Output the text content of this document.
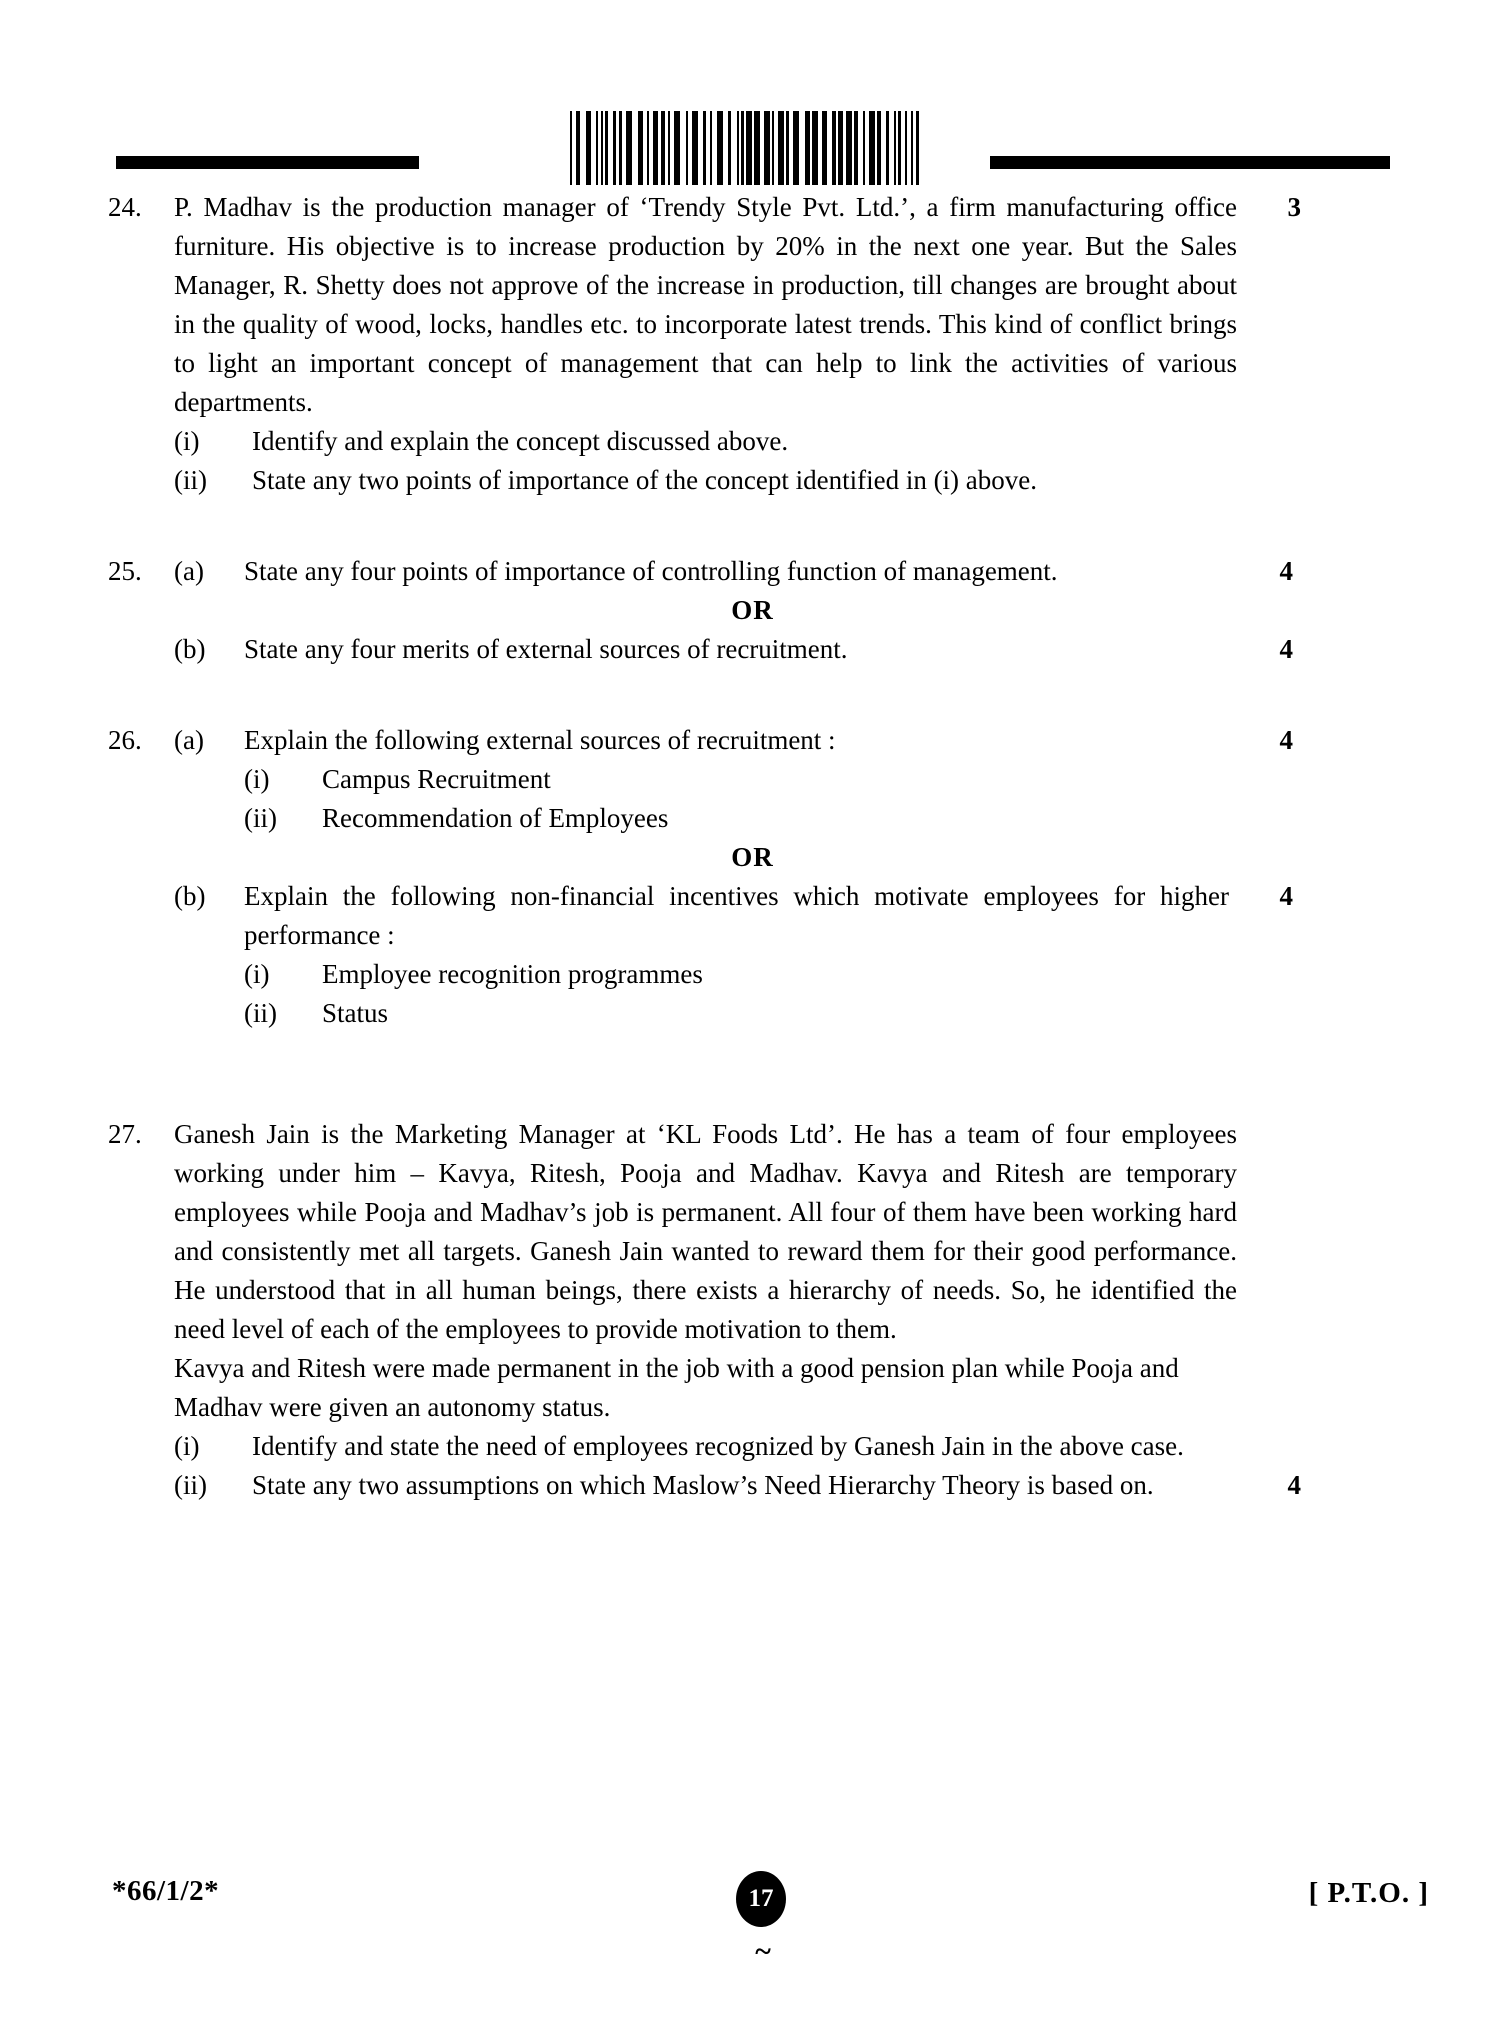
24.	P. Madhav is the production manager of ‘Trendy Style Pvt. Ltd.’, a firm manufacturing office furniture. His objective is to increase production by 20% in the next one year. But the Sales Manager, R. Shetty does not approve of the increase in production, till changes are brought about in the quality of wood, locks, handles etc. to incorporate latest trends. This kind of conflict brings to light an important concept of management that can help to link the activities of various departments.
3
(i)	Identify and explain the concept discussed above.
(ii)	State any two points of importance of the concept identified in (i) above.
25.	(a)	State any four points of importance of controlling function of management.	4
OR
(b)	State any four merits of external sources of recruitment.	4
26.	(a)	Explain the following external sources of recruitment :	4
(i)	Campus Recruitment
(ii)	Recommendation of Employees
OR
(b)	Explain the following non-financial incentives which motivate employees for higher performance :
4
(i)	Employee recognition programmes
(ii)	Status
27.	Ganesh Jain is the Marketing Manager at ‘KL Foods Ltd’. He has a team of four employees working under him – Kavya, Ritesh, Pooja and Madhav. Kavya and Ritesh are temporary employees while Pooja and Madhav’s job is permanent. All four of them have been working hard and consistently met all targets. Ganesh Jain wanted to reward them for their good performance. He understood that in all human beings, there exists a hierarchy of needs. So, he identified the need level of each of the employees to provide motivation to them.
Kavya and Ritesh were made permanent in the job with a good pension plan while Pooja and Madhav were given an autonomy status.
(i)	Identify and state the need of employees recognized by Ganesh Jain in the above case.
(ii)	State any two assumptions on which Maslow’s Need Hierarchy Theory is based on.	4
*66/1/2*	17
~
[ P.T.O. ]
